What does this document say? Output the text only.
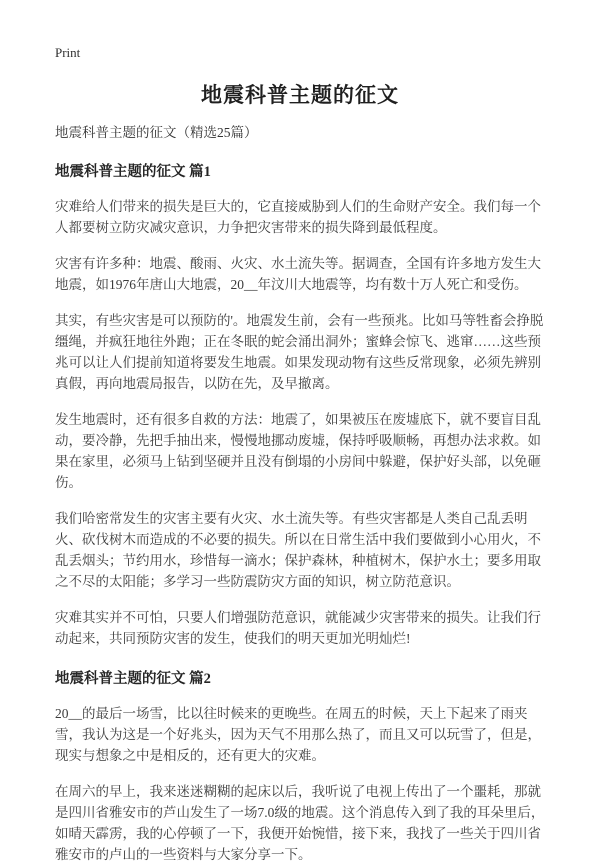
Print
地震科普主题的征文
地震科普主题的征文（精选25篇）
地震科普主题的征文 篇1

灾难给人们带来的损失是巨大的，它直接威胁到人们的生命财产安全。我们每一个人都要树立防灾减灾意识，力争把灾害带来的损失降到最低程度。

灾害有许多种：地震、酸雨、火灾、水土流失等。据调查，全国有许多地方发生大地震，如1976年唐山大地震，20__年汶川大地震等，均有数十万人死亡和受伤。

其实，有些灾害是可以预防的'。地震发生前，会有一些预兆。比如马等牲畜会挣脱缰绳，并疯狂地往外跑；正在冬眠的蛇会涌出洞外；蜜蜂会惊飞、逃窜……这些预兆可以让人们提前知道将要发生地震。如果发现动物有这些反常现象，必须先辨别真假，再向地震局报告，以防在先，及早撤离。

发生地震时，还有很多自救的方法：地震了，如果被压在废墟底下，就不要盲目乱动，要冷静，先把手抽出来，慢慢地挪动废墟，保持呼吸顺畅，再想办法求救。如果在家里，必须马上钻到坚硬并且没有倒塌的小房间中躲避，保护好头部，以免砸伤。

我们哈密常发生的灾害主要有火灾、水土流失等。有些灾害都是人类自己乱丢明火、砍伐树木而造成的不必要的损失。所以在日常生活中我们要做到小心用火，不乱丢烟头；节约用水，珍惜每一滴水；保护森林，种植树木，保护水土；要多用取之不尽的太阳能；多学习一些防震防灾方面的知识，树立防范意识。

灾难其实并不可怕，只要人们增强防范意识，就能减少灾害带来的损失。让我们行动起来，共同预防灾害的发生，使我们的明天更加光明灿烂!

地震科普主题的征文 篇2

20__的最后一场雪，比以往时候来的更晚些。在周五的时候，天上下起来了雨夹雪，我认为这是一个好兆头，因为天气不用那么热了，而且又可以玩雪了，但是，现实与想象之中是相反的，还有更大的灾难。

在周六的早上，我来迷迷糊糊的起床以后，我听说了电视上传出了一个噩耗，那就是四川省雅安市的芦山发生了一场7.0级的地震。这个消息传入到了我的耳朵里后，如晴天霹雳，我的心停顿了一下，我便开始惋惜，接下来，我找了一些关于四川省雅安市的卢山的一些资料与大家分享一下。
